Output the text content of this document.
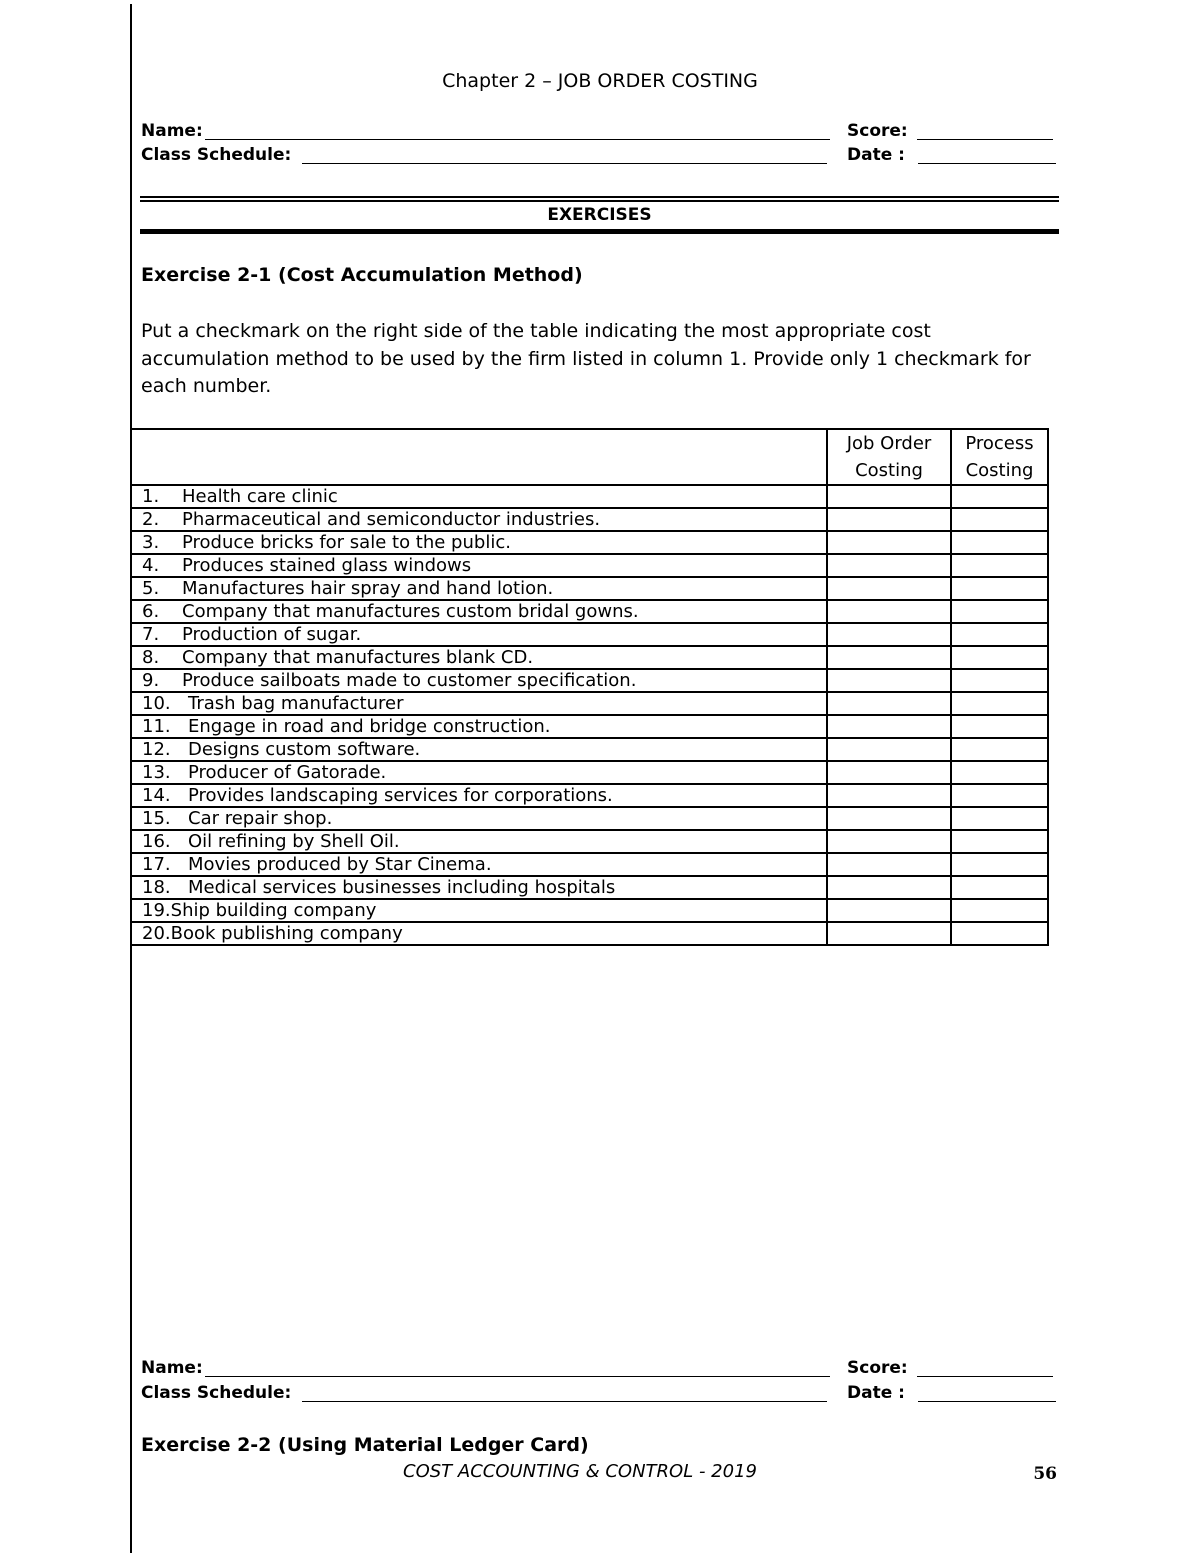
Chapter 2 – JOB ORDER COSTING
Name:	Score:
Class Schedule:	Date :
EXERCISES
Exercise 2-1 (Cost Accumulation Method)
Put a checkmark on the right side of the table indicating the most appropriate cost accumulation method to be used by the firm listed in column 1. Provide only 1 checkmark for each number.
	Job Order Costing	Process Costing
1. Health care clinic		
2. Pharmaceutical and semiconductor industries.		
3. Produce bricks for sale to the public.		
4. Produces stained glass windows		
5. Manufactures hair spray and hand lotion.		
6. Company that manufactures custom bridal gowns.		
7. Production of sugar.		
8. Company that manufactures blank CD.		
9. Produce sailboats made to customer specification.		
10. Trash bag manufacturer		
11. Engage in road and bridge construction.		
12. Designs custom software.		
13. Producer of Gatorade.		
14. Provides landscaping services for corporations.		
15. Car repair shop.		
16. Oil refining by Shell Oil.		
17. Movies produced by Star Cinema.		
18. Medical services businesses including hospitals		
19.Ship building company		
20.Book publishing company		
Name:	Score:
Class Schedule:	Date :
Exercise 2-2 (Using Material Ledger Card)
COST ACCOUNTING & CONTROL - 2019	56
